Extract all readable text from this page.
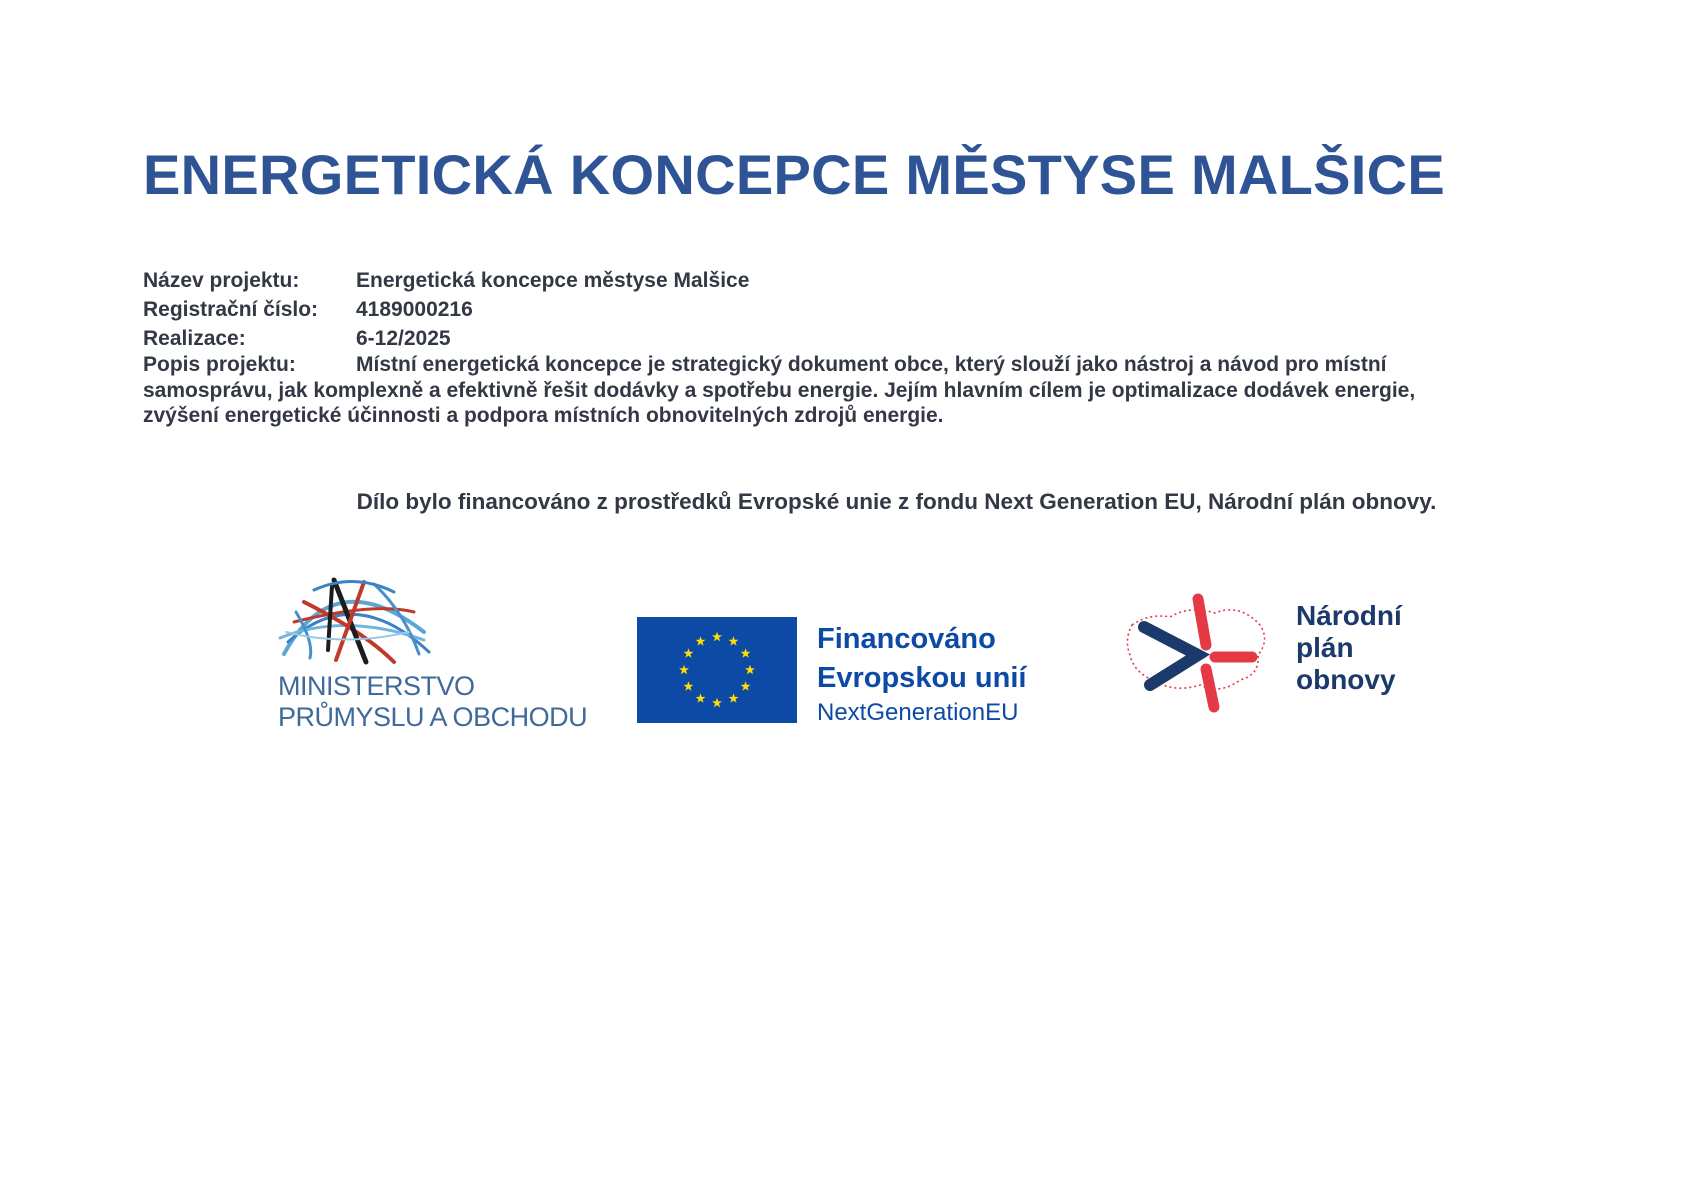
ENERGETICKÁ KONCEPCE MĚSTYSE MALŠICE
Název projektu:	Energetická koncepce městyse Malšice
Registrační číslo:	4189000216
Realizace:	6-12/2025
Popis projektu:	Místní energetická koncepce je strategický dokument obce, který slouží jako nástroj a návod pro místní
samosprávu, jak komplexně a efektivně řešit dodávky a spotřebu energie. Jejím hlavním cílem je optimalizace dodávek energie,
zvýšení energetické účinnosti a podpora místních obnovitelných zdrojů energie.
Dílo bylo financováno z prostředků Evropské unie z fondu Next Generation EU, Národní plán obnovy.
MINISTERSTVO
PRŮMYSLU A OBCHODU
Financováno
Evropskou unií
NextGenerationEU
Národní
plán
obnovy
